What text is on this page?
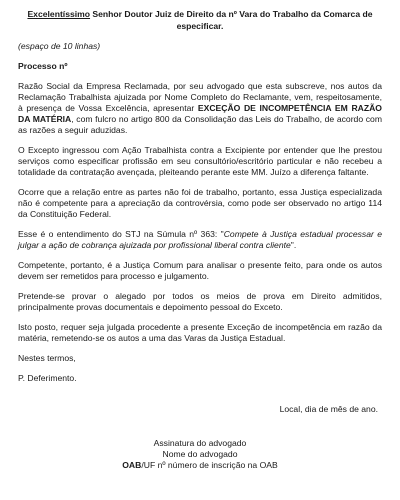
Excelentíssimo Senhor Doutor Juiz de Direito da nº Vara do Trabalho da Comarca de especificar.
(espaço de 10 linhas)
Processo nº

Razão Social da Empresa Reclamada, por seu advogado que esta subscreve, nos autos da Reclamação Trabalhista ajuizada por Nome Completo do Reclamante, vem, respeitosamente, à presença de Vossa Excelência, apresentar EXCEÇÃO DE INCOMPETÊNCIA EM RAZÃO DA MATÉRIA, com fulcro no artigo 800 da Consolidação das Leis do Trabalho, de acordo com as razões a seguir aduzidas.

O Excepto ingressou com Ação Trabalhista contra a Excipiente por entender que lhe prestou serviços como especificar profissão em seu consultório/escritório particular e não recebeu a totalidade da contratação avençada, pleiteando perante este MM. Juízo a diferença faltante.

Ocorre que a relação entre as partes não foi de trabalho, portanto, essa Justiça especializada não é competente para a apreciação da controvérsia, como pode ser observado no artigo 114 da Constituição Federal.

Esse é o entendimento do STJ na Súmula nº 363: "Compete à Justiça estadual processar e julgar a ação de cobrança ajuizada por profissional liberal contra cliente".

Competente, portanto, é a Justiça Comum para analisar o presente feito, para onde os autos devem ser remetidos para processo e julgamento.

Pretende-se provar o alegado por todos os meios de prova em Direito admitidos, principalmente provas documentais e depoimento pessoal do Exceto.

Isto posto, requer seja julgada procedente a presente Exceção de incompetência em razão da matéria, remetendo-se os autos a uma das Varas da Justiça Estadual.

Nestes termos,

P. Deferimento.

Local, dia de mês de ano.
Assinatura do advogado
Nome do advogado
OAB/UF nº número de inscrição na OAB
